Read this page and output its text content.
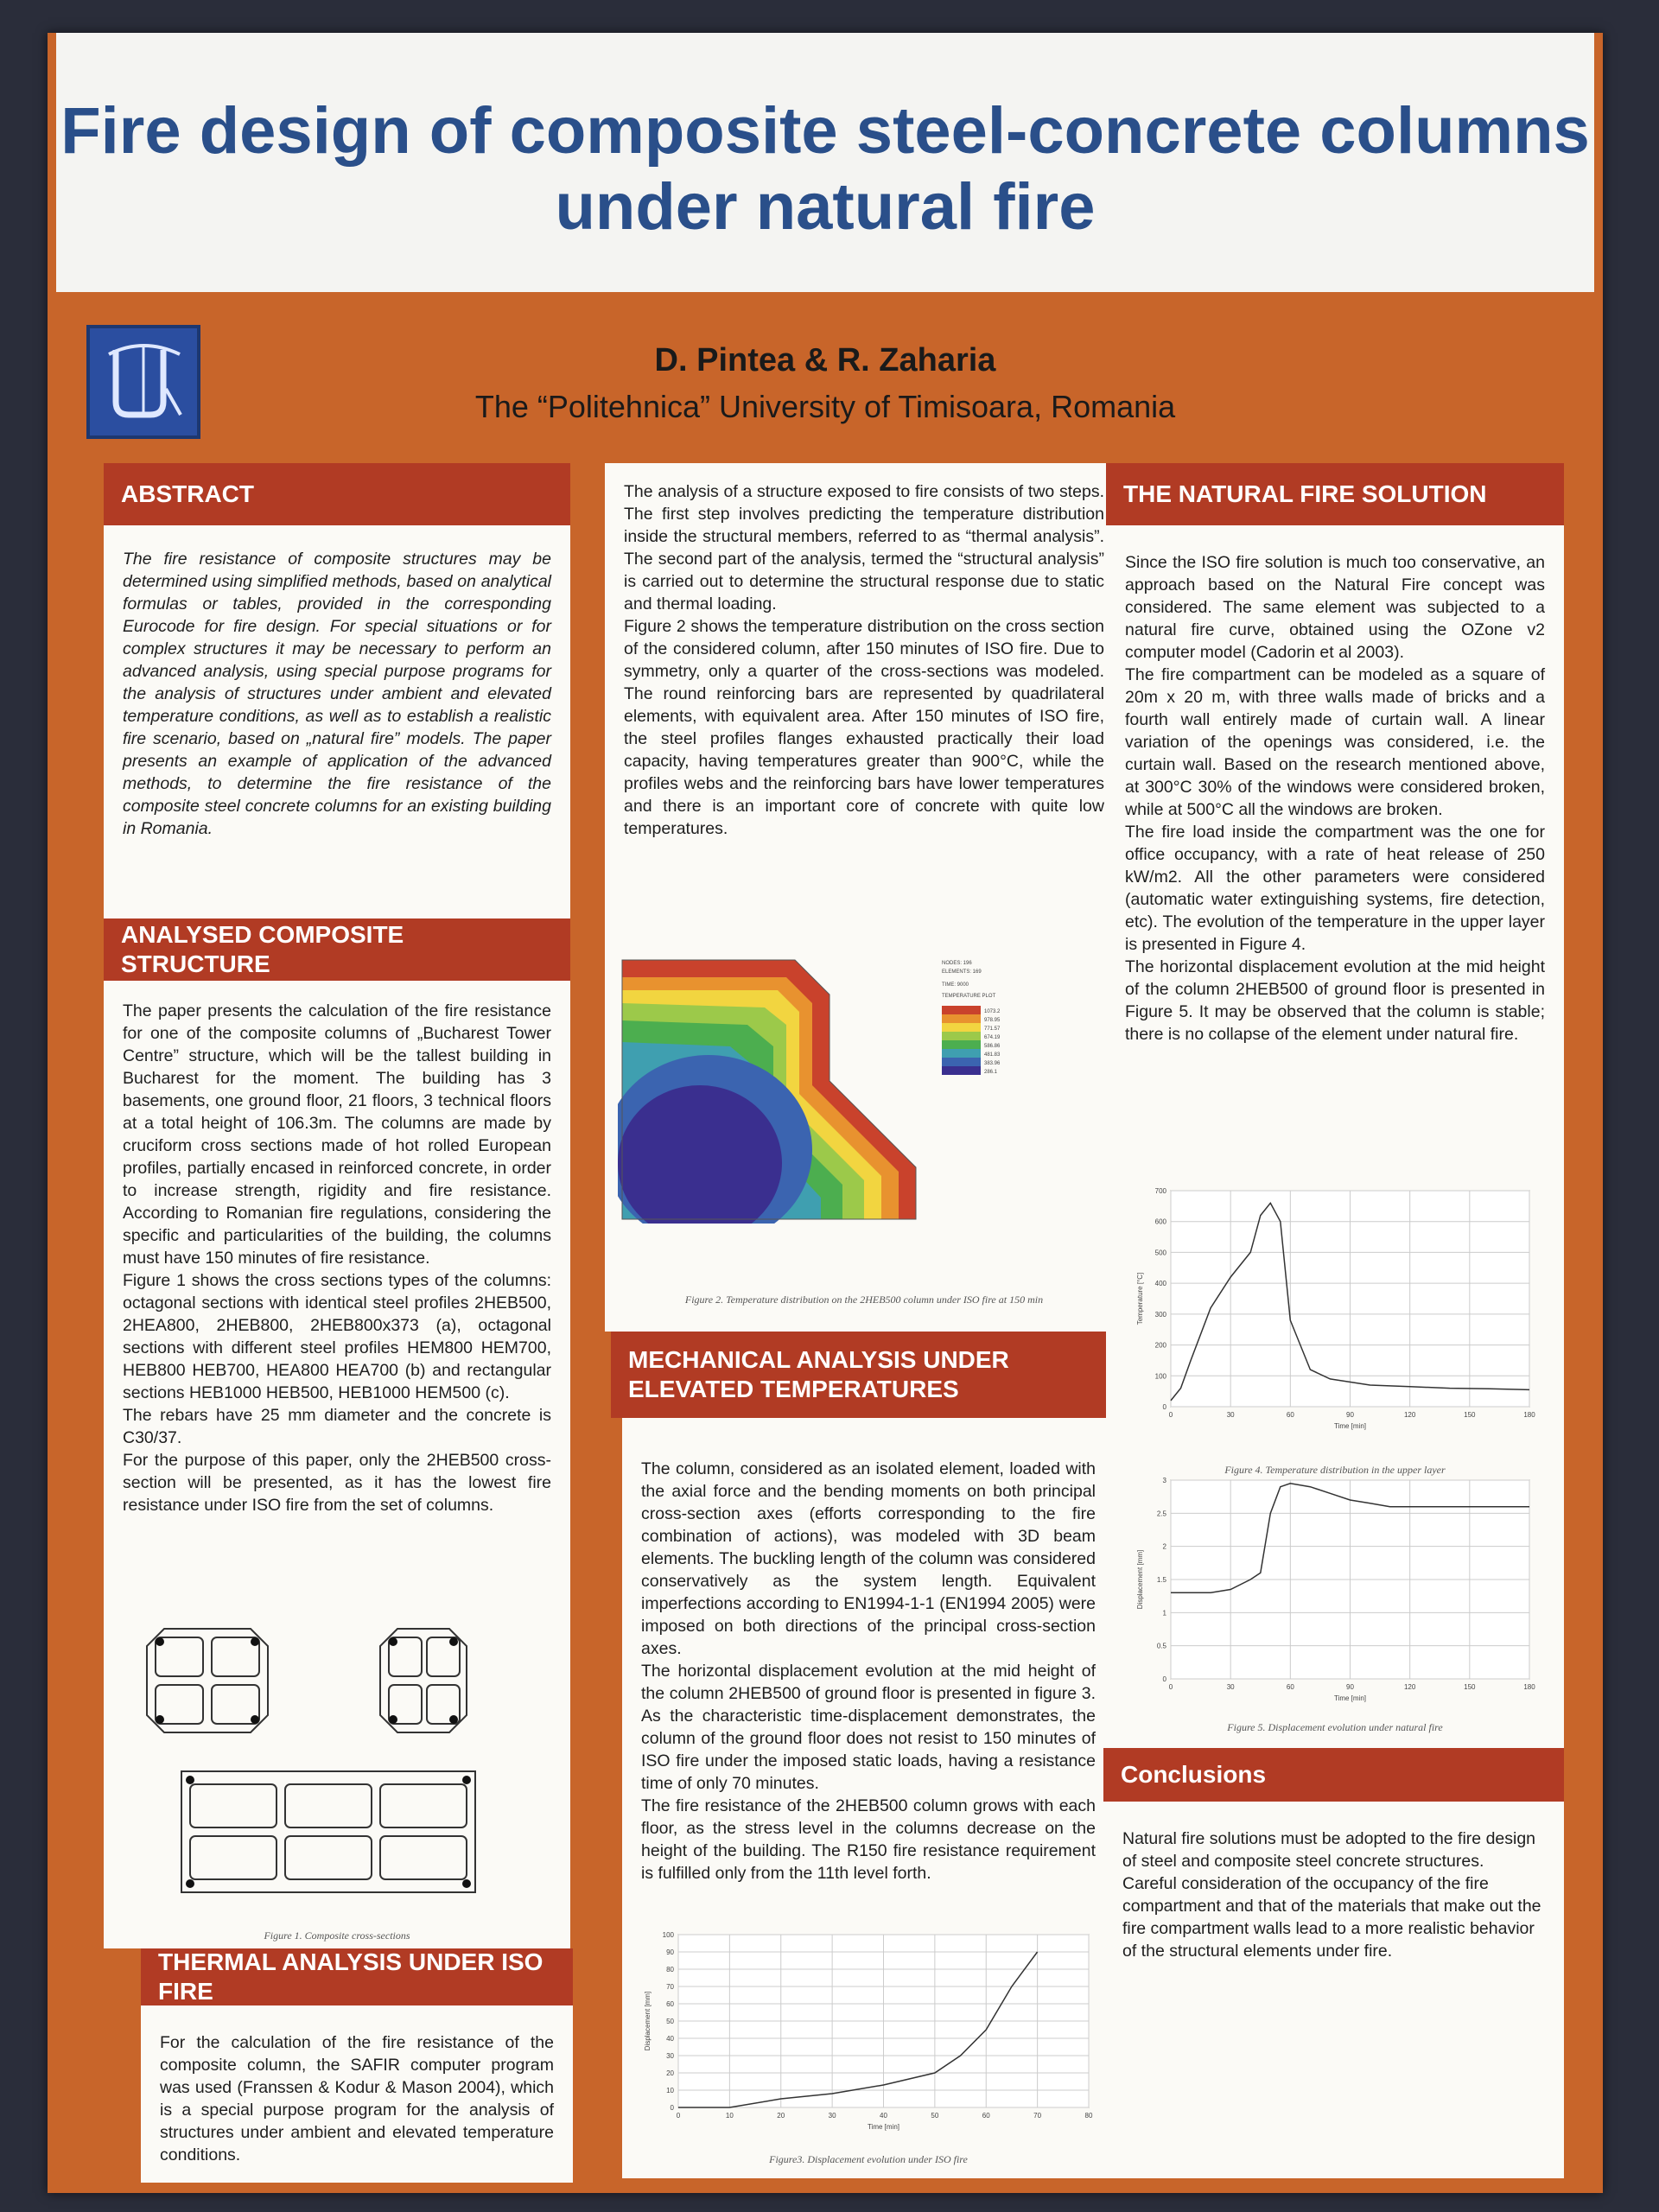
Fire design of composite steel-concrete columns
under natural fire
D. Pintea & R. Zaharia
The “Politehnica” University of Timisoara, Romania
ABSTRACT

The fire resistance of composite structures may be determined using simplified methods, based on analytical formulas or tables, provided in the corresponding Eurocode for fire design. For special situations or for complex structures it may be necessary to perform an advanced analysis, using special purpose programs for the analysis of structures under ambient and elevated temperature conditions, as well as to establish a realistic fire scenario, based on „natural fire” models. The paper presents an example of application of the advanced methods, to determine the fire resistance of the composite steel concrete columns for an existing building in Romania.

ANALYSED COMPOSITE STRUCTURE

The paper presents the calculation of the fire resistance for one of the composite columns of „Bucharest Tower Centre” structure, which will be the tallest building in Bucharest for the moment. The building has 3 basements, one ground floor, 21 floors, 3 technical floors at a total height of 106.3m. The columns are made by cruciform cross sections made of hot rolled European profiles, partially encased in reinforced concrete, in order to increase strength, rigidity and fire resistance. According to Romanian fire regulations, considering the specific and particularities of the building, the columns must have 150 minutes of fire resistance.
Figure 1 shows the cross sections types of the columns: octagonal sections with identical steel profiles 2HEB500, 2HEA800, 2HEB800, 2HEB800x373 (a), octagonal sections with different steel profiles HEM800 HEM700, HEB800 HEB700, HEA800 HEA700 (b) and rectangular sections HEB1000 HEB500, HEB1000 HEM500 (c).
The rebars have 25 mm diameter and the concrete is C30/37.
For the purpose of this paper, only the 2HEB500 cross-section will be presented, as it has the lowest fire resistance under ISO fire from the set of columns.

Figure 1. Composite cross-sections
THERMAL ANALYSIS UNDER ISO FIRE

For the calculation of the fire resistance of the composite column, the SAFIR computer program was used (Franssen & Kodur & Mason 2004), which is a special purpose program for the analysis of structures under ambient and elevated temperature conditions.

The analysis of a structure exposed to fire consists of two steps. The first step involves predicting the temperature distribution inside the structural members, referred to as “thermal analysis”. The second part of the analysis, termed the “structural analysis” is carried out to determine the structural response due to static and thermal loading.
Figure 2 shows the temperature distribution on the cross section of the considered column, after 150 minutes of ISO fire. Due to symmetry, only a quarter of the cross-sections was modeled. The round reinforcing bars are represented by quadrilateral elements, with equivalent area. After 150 minutes of ISO fire, the steel profiles flanges exhausted practically their load capacity, having temperatures greater than 900°C, while the profiles webs and the reinforcing bars have lower temperatures and there is an important core of concrete with quite low temperatures.

NODES: 196
ELEMENTS: 169
TIME: 9000
TEMPERATURE PLOT
1073.2
978.95
771.57
674.19
586.86
481.83
383.96
286.1
Figure 2. Temperature distribution on the 2HEB500 column under ISO fire at 150 min
MECHANICAL ANALYSIS UNDER ELEVATED TEMPERATURES

The column, considered as an isolated element, loaded with the axial force and the bending moments on both principal cross-section axes (efforts corresponding to the fire combination of actions), was modeled with 3D beam elements. The buckling length of the column was considered conservatively as the system length. Equivalent imperfections according to EN1994-1-1 (EN1994 2005) were imposed on both directions of the principal cross-section axes.
The horizontal displacement evolution at the mid height of the column 2HEB500 of ground floor is presented in figure 3. As the characteristic time-displacement demonstrates, the column of the ground floor does not resist to 150 minutes of ISO fire under the imposed static loads, having a resistance time of only 70 minutes.
The fire resistance of the 2HEB500 column grows with each floor, as the stress level in the columns decrease on the height of the building. The R150 fire resistance requirement is fulfilled only from the 11th level forth.

0	10	20	30	40	50	60	70	80
0
10
20
30
40
50
60
70
80
90
100
Time [min]
Displacement [mm]
Figure3. Displacement evolution under ISO fire
THE NATURAL FIRE SOLUTION

Since the ISO fire solution is much too conservative, an approach based on the Natural Fire concept was considered. The same element was subjected to a natural fire curve, obtained using the OZone v2 computer model (Cadorin et al 2003).
The fire compartment can be modeled as a square of 20m x 20 m, with three walls made of bricks and a fourth wall entirely made of curtain wall. A linear variation of the openings was considered, i.e. the curtain wall. Based on the research mentioned above, at 300°C 30% of the windows were considered broken, while at 500°C all the windows are broken.
The fire load inside the compartment was the one for office occupancy, with a rate of heat release of 250 kW/m2. All the other parameters were considered (automatic water extinguishing systems, fire detection, etc). The evolution of the temperature in the upper layer is presented in Figure 4.
The horizontal displacement evolution at the mid height of the column 2HEB500 of ground floor is presented in Figure 5. It may be observed that the column is stable; there is no collapse of the element under natural fire.

0	30	60	90	120	150	180
0
100
200
300
400
500
600
700
Time [min]
Temperature [°C]
Figure 4. Temperature distribution in the upper layer
0	30	60	90	120	150	180
0
0.5
1
1.5
2
2.5
3
Time [min]
Displacement [mm]
Figure 5. Displacement evolution under natural fire
Conclusions

Natural fire solutions must be adopted to the fire design of steel and composite steel concrete structures.
Careful consideration of the occupancy of the fire compartment and that of the materials that make out the fire compartment walls lead to a more realistic behavior of the structural elements under fire.
